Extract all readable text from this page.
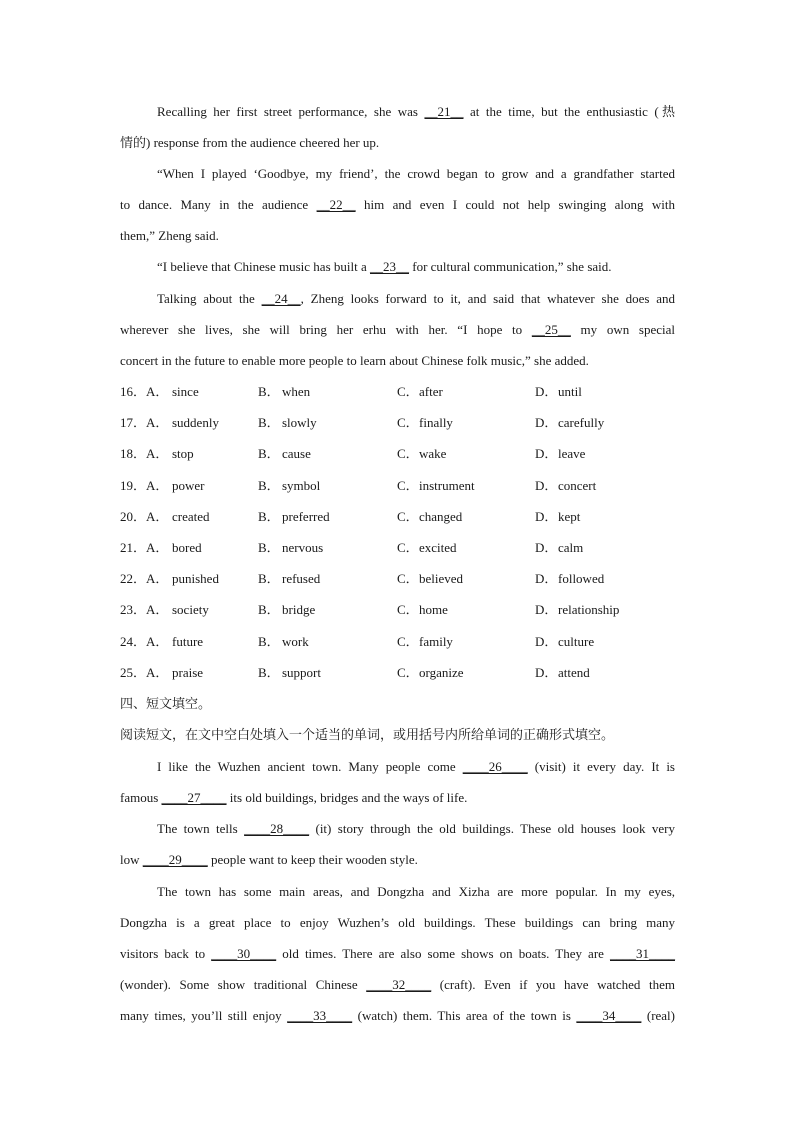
Recalling her first street performance, she was __21__ at the time, but the enthusiastic (热
情的) response from the audience cheered her up.
“When I played ‘Goodbye, my friend’, the crowd began to grow and a grandfather started
to dance. Many in the audience __22__ him and even I could not help swinging along with
them,” Zheng said.
“I believe that Chinese music has built a __23__ for cultural communication,” she said.
Talking about the __24__, Zheng looks forward to it, and said that whatever she does and
wherever she lives, she will bring her erhu with her. “I hope to __25__ my own special
concert in the future to enable more people to learn about Chinese folk music,” she added.
16．A． since	B． when	C． after	D． until
17．A． suddenly	B． slowly	C． finally	D． carefully
18．A． stop	B． cause	C． wake	D． leave
19．A． power	B． symbol	C． instrument	D． concert
20．A． created	B． preferred	C． changed	D． kept
21．A． bored	B． nervous	C． excited	D． calm
22．A． punished	B． refused	C． believed	D． followed
23．A． society	B． bridge	C． home	D． relationship
24．A． future	B． work	C． family	D． culture
25．A． praise	B． support	C． organize	D． attend
四、短文填空。
阅读短文，在文中空白处填入一个适当的单词，或用括号内所给单词的正确形式填空。
I like the Wuzhen ancient town. Many people come ____26____ (visit) it every day. It is
famous ____27____ its old buildings, bridges and the ways of life.
The town tells ____28____ (it) story through the old buildings. These old houses look very
low ____29____ people want to keep their wooden style.
The town has some main areas, and Dongzha and Xizha are more popular. In my eyes,
Dongzha is a great place to enjoy Wuzhen’s old buildings. These buildings can bring many
visitors back to ____30____ old times. There are also some shows on boats. They are ____31____
(wonder). Some show traditional Chinese ____32____ (craft). Even if you have watched them
many times, you’ll still enjoy ____33____ (watch) them. This area of the town is ____34____ (real)
